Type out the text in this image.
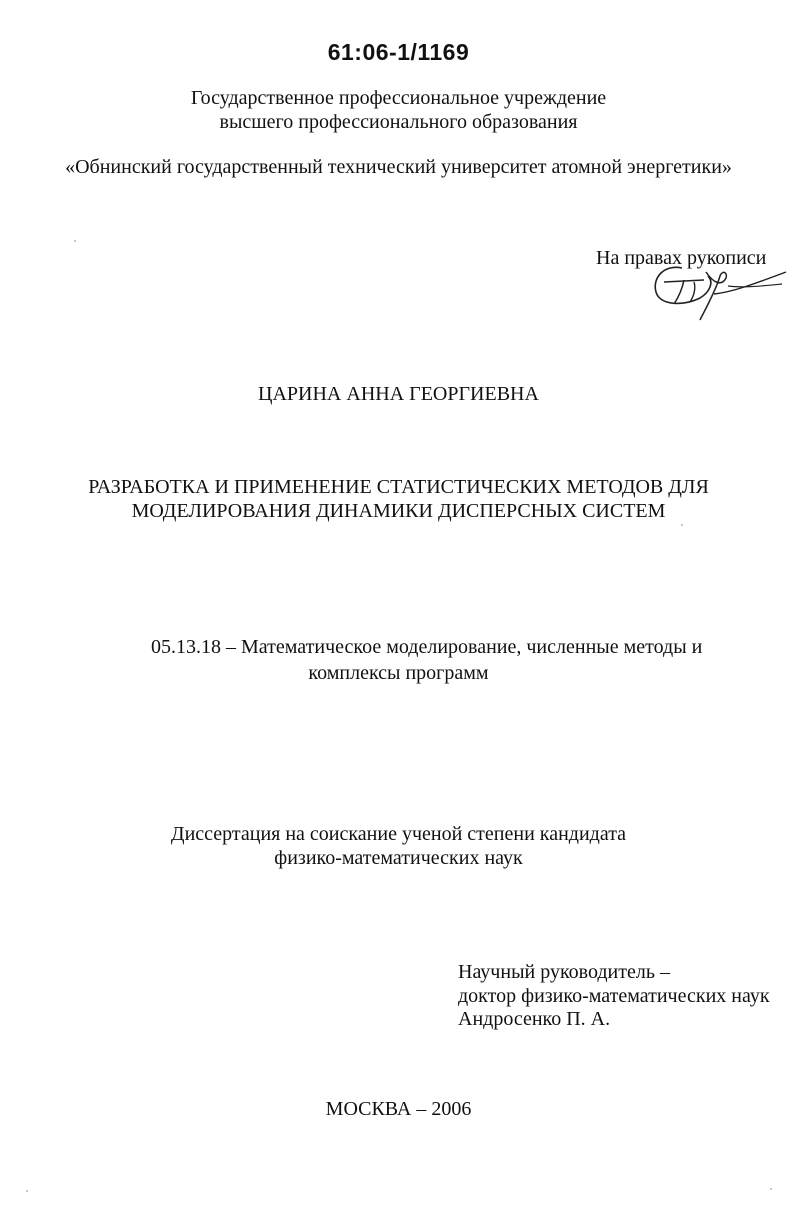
61:06-1/1169
Государственное профессиональное учреждение
высшего профессионального образования
«Обнинский государственный технический университет атомной энергетики»
На правах рукописи
ЦАРИНА АННА ГЕОРГИЕВНА
РАЗРАБОТКА И ПРИМЕНЕНИЕ СТАТИСТИЧЕСКИХ МЕТОДОВ ДЛЯ
МОДЕЛИРОВАНИЯ ДИНАМИКИ ДИСПЕРСНЫХ СИСТЕМ
05.13.18 – Математическое моделирование, численные методы и
комплексы программ
Диссертация на соискание ученой степени кандидата
физико-математических наук
Научный руководитель –
доктор физико-математических наук
Андросенко П. А.
МОСКВА – 2006
